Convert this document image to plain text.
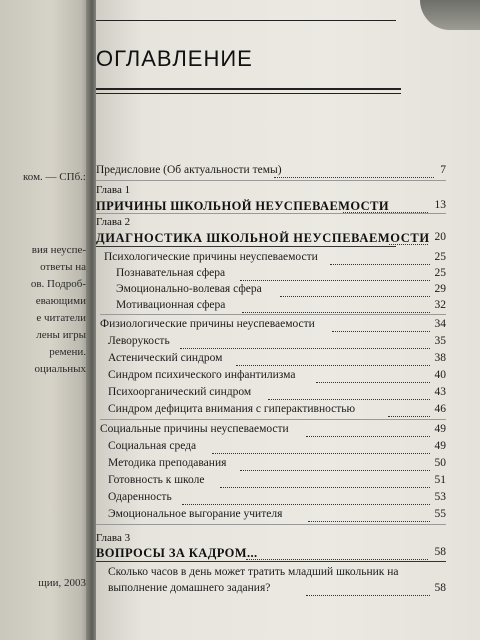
ком. — СПб.:
вия неуспе-
ответы на
ов. Подроб-
евающими
е читатели
лены игры
ремени.
оциальных
щии, 2003
ОГЛАВЛЕНИЕ
Предисловие (Об актуальности темы)	7
Глава 1
ПРИЧИНЫ ШКОЛЬНОЙ НЕУСПЕВАЕМОСТИ	13
Глава 2
ДИАГНОСТИКА ШКОЛЬНОЙ НЕУСПЕВАЕМОСТИ 20
Психологические причины неуспеваемости	25
Познавательная сфера	25
Эмоционально-волевая сфера	29
Мотивационная сфера	32
Физиологические причины неуспеваемости	34
Леворукость	35
Астенический синдром	38
Синдром психического инфантилизма	40
Психоорганический синдром	43
Синдром дефицита внимания с гиперактивностью	46
Социальные причины неуспеваемости	49
Социальная среда	49
Методика преподавания	50
Готовность к школе	51
Одаренность	53
Эмоциональное выгорание учителя	55
Глава 3
ВОПРОСЫ ЗА КАДРОМ...	58
Сколько часов в день может тратить младший школьник на
выполнение домашнего задания?	58
